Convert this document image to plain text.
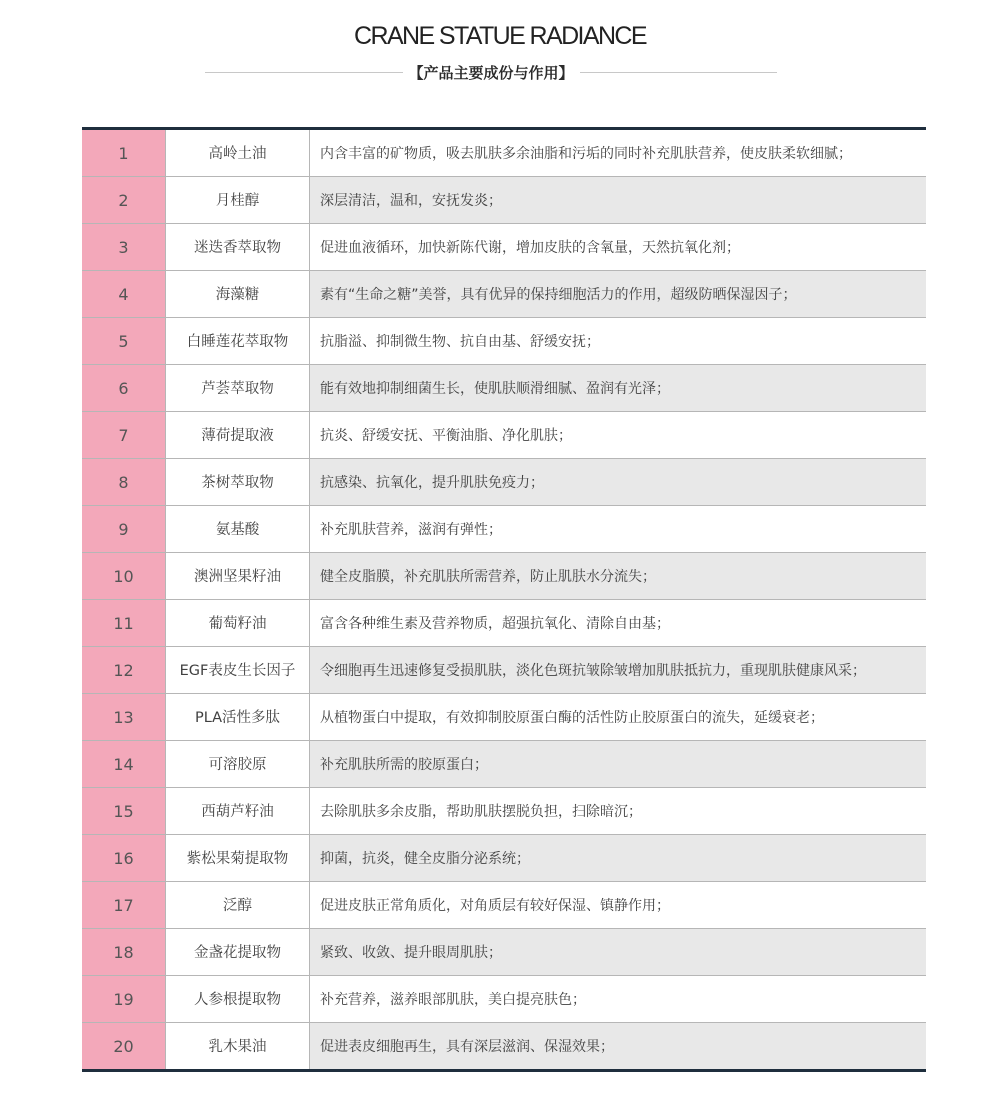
CRANE STATUE RADIANCE
【产品主要成份与作用】
1	高岭土油	内含丰富的矿物质，吸去肌肤多余油脂和污垢的同时补充肌肤营养，使皮肤柔软细腻；
2	月桂醇	深层清洁，温和，安抚发炎；
3	迷迭香萃取物	促进血液循环，加快新陈代谢，增加皮肤的含氧量，天然抗氧化剂；
4	海藻糖	素有“生命之糖”美誉，具有优异的保持细胞活力的作用，超级防晒保湿因子；
5	白睡莲花萃取物	抗脂溢、抑制微生物、抗自由基、舒缓安抚；
6	芦荟萃取物	能有效地抑制细菌生长，使肌肤顺滑细腻、盈润有光泽；
7	薄荷提取液	抗炎、舒缓安抚、平衡油脂、净化肌肤；
8	茶树萃取物	抗感染、抗氧化，提升肌肤免疫力；
9	氨基酸	补充肌肤营养，滋润有弹性；
10	澳洲坚果籽油	健全皮脂膜，补充肌肤所需营养，防止肌肤水分流失；
11	葡萄籽油	富含各种维生素及营养物质，超强抗氧化、清除自由基；
12	EGF表皮生长因子	令细胞再生迅速修复受损肌肤，淡化色斑抗皱除皱增加肌肤抵抗力，重现肌肤健康风采；
13	PLA活性多肽	从植物蛋白中提取，有效抑制胶原蛋白酶的活性防止胶原蛋白的流失，延缓衰老；
14	可溶胶原	补充肌肤所需的胶原蛋白；
15	西葫芦籽油	去除肌肤多余皮脂，帮助肌肤摆脱负担，扫除暗沉；
16	紫松果菊提取物	抑菌，抗炎，健全皮脂分泌系统；
17	泛醇	促进皮肤正常角质化，对角质层有较好保湿、镇静作用；
18	金盏花提取物	紧致、收敛、提升眼周肌肤；
19	人参根提取物	补充营养，滋养眼部肌肤，美白提亮肤色；
20	乳木果油	促进表皮细胞再生，具有深层滋润、保湿效果；
